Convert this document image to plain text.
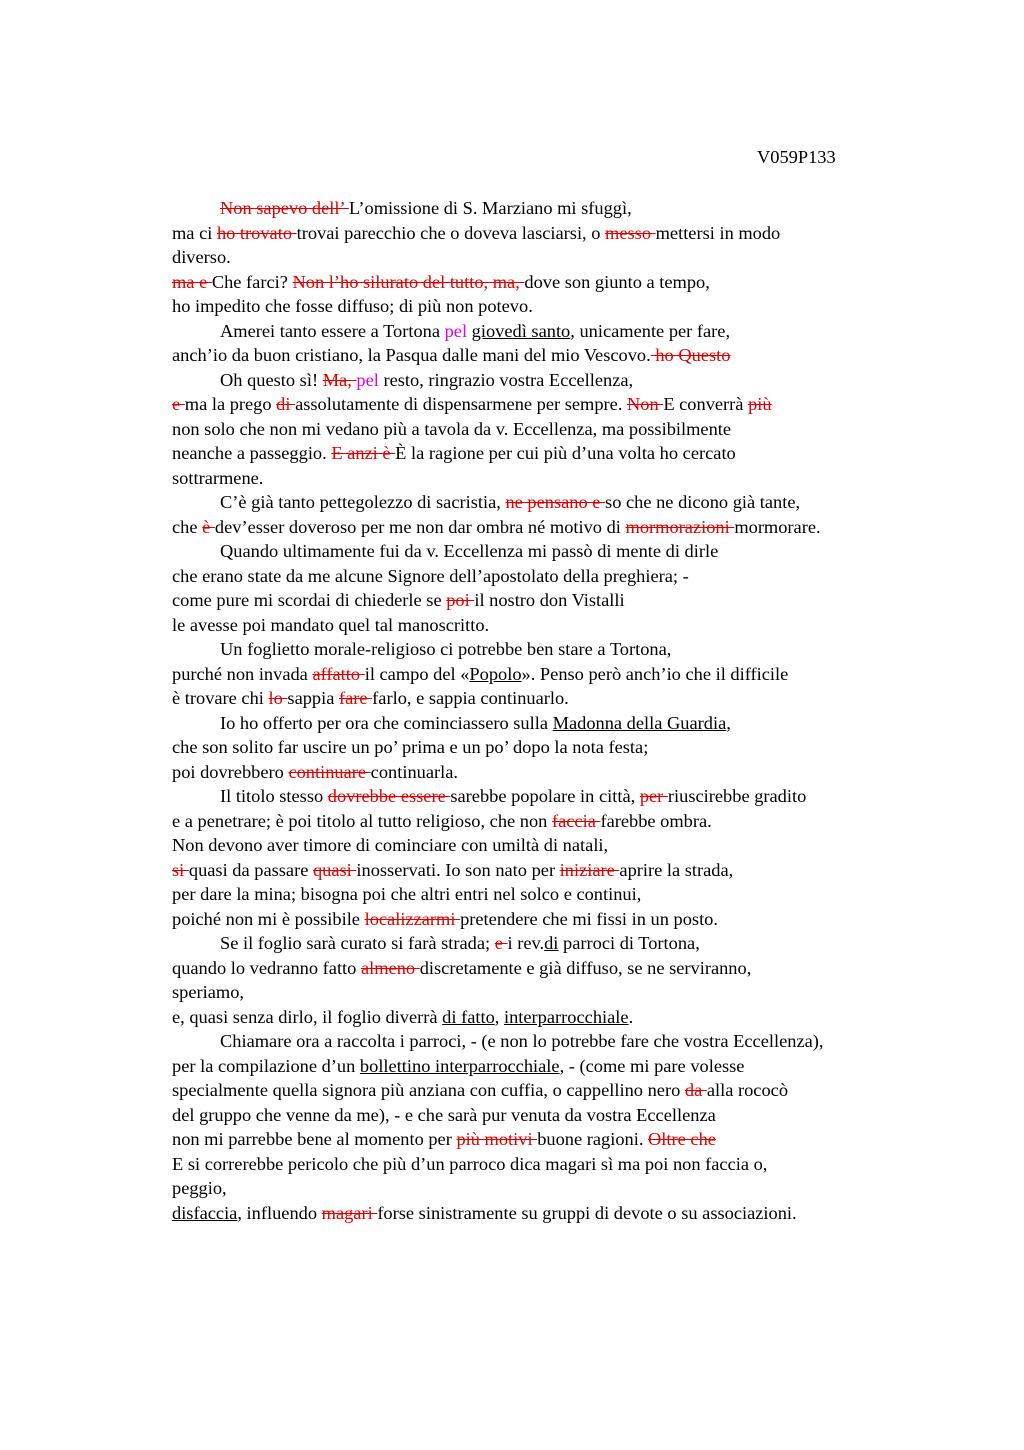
V059P133
Non sapevo dell’ L’omissione di S. Marziano mi sfuggì,
ma ci ho trovato trovai parecchio che o doveva lasciarsi, o messo mettersi in modo
diverso.
ma e Che farci? Non l’ho silurato del tutto, ma, dove son giunto a tempo,
ho impedito che fosse diffuso; di più non potevo.
Amerei tanto essere a Tortona pel giovedì santo, unicamente per fare,
anch’io da buon cristiano, la Pasqua dalle mani del mio Vescovo. ho Questo
Oh questo sì! Ma, pel resto, ringrazio vostra Eccellenza,
e ma la prego di assolutamente di dispensarmene per sempre. Non E converrà più
non solo che non mi vedano più a tavola da v. Eccellenza, ma possibilmente
neanche a passeggio. E anzi è È la ragione per cui più d’una volta ho cercato
sottrarmene.
C’è già tanto pettegolezzo di sacristia, ne pensano e so che ne dicono già tante,
che è dev’esser doveroso per me non dar ombra né motivo di mormorazioni mormorare.
Quando ultimamente fui da v. Eccellenza mi passò di mente di dirle
che erano state da me alcune Signore dell’apostolato della preghiera; -
come pure mi scordai di chiederle se poi il nostro don Vistalli
le avesse poi mandato quel tal manoscritto.
Un foglietto morale-religioso ci potrebbe ben stare a Tortona,
purché non invada affatto il campo del «Popolo». Penso però anch’io che il difficile
è trovare chi lo sappia fare farlo, e sappia continuarlo.
Io ho offerto per ora che cominciassero sulla Madonna della Guardia,
che son solito far uscire un po’ prima e un po’ dopo la nota festa;
poi dovrebbero continuare continuarla.
Il titolo stesso dovrebbe essere sarebbe popolare in città, per riuscirebbe gradito
e a penetrare; è poi titolo al tutto religioso, che non faccia farebbe ombra.
Non devono aver timore di cominciare con umiltà di natali,
si quasi da passare quasi inosservati. Io son nato per iniziare aprire la strada,
per dare la mina; bisogna poi che altri entri nel solco e continui,
poiché non mi è possibile localizzarmi pretendere che mi fissi in un posto.
Se il foglio sarà curato si farà strada; e i rev.di parroci di Tortona,
quando lo vedranno fatto almeno discretamente e già diffuso, se ne serviranno,
speriamo,
e, quasi senza dirlo, il foglio diverrà di fatto, interparrocchiale.
Chiamare ora a raccolta i parroci, - (e non lo potrebbe fare che vostra Eccellenza),
per la compilazione d’un bollettino interparrocchiale, - (come mi pare volesse
specialmente quella signora più anziana con cuffia, o cappellino nero da alla rococò
del gruppo che venne da me), - e che sarà pur venuta da vostra Eccellenza
non mi parrebbe bene al momento per più motivi buone ragioni. Oltre che
E si correrebbe pericolo che più d’un parroco dica magari sì ma poi non faccia o,
peggio,
disfaccia, influendo magari forse sinistramente su gruppi di devote o su associazioni.
